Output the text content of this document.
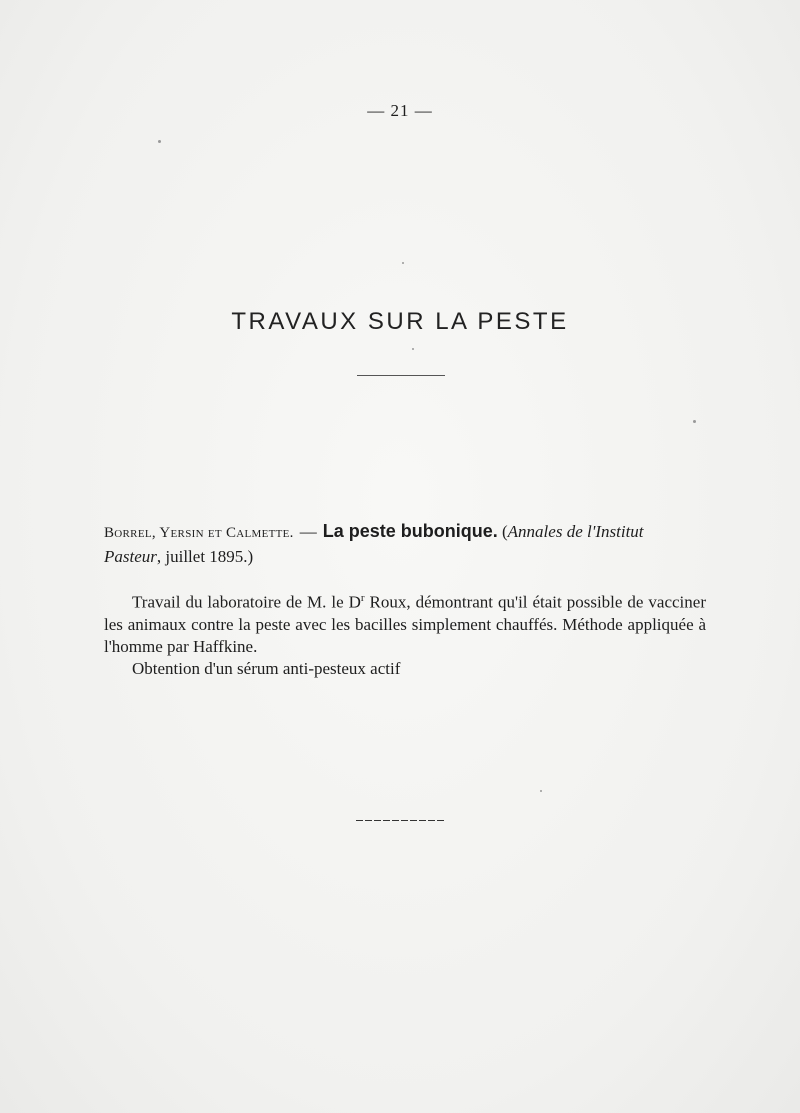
— 21 —
TRAVAUX SUR LA PESTE
Borrel, Yersin et Calmette. — La peste bubonique. (Annales de l'Institut Pasteur, juillet 1895.)

Travail du laboratoire de M. le $D^r$ Roux, démontrant qu'il était possible de vacciner les animaux contre la peste avec les bacilles simplement chauffés. Méthode appliquée à l'homme par Haffkine.

Obtention d'un sérum anti-pesteux actif
